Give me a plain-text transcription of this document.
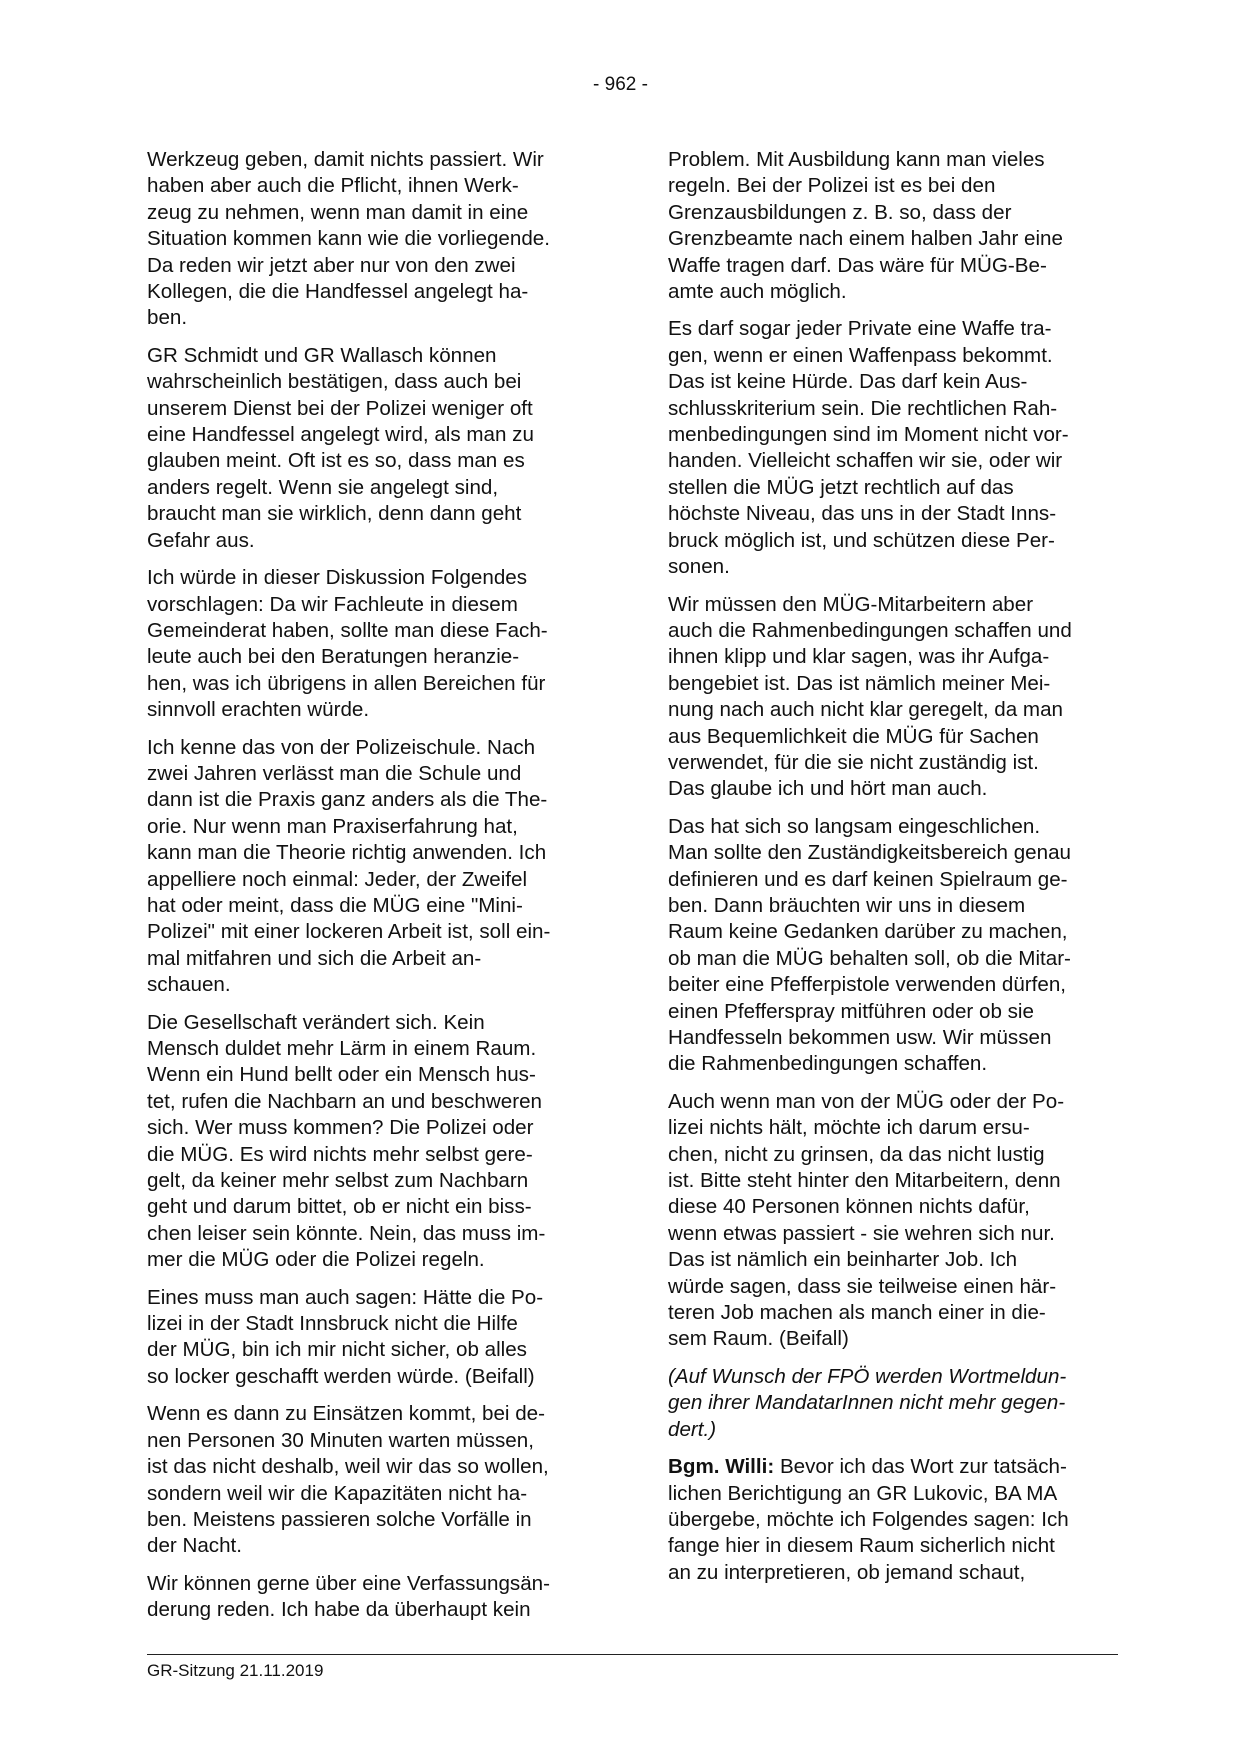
- 962 -

Werkzeug geben, damit nichts passiert. Wir
haben aber auch die Pflicht, ihnen Werk-
zeug zu nehmen, wenn man damit in eine
Situation kommen kann wie die vorliegende.
Da reden wir jetzt aber nur von den zwei
Kollegen, die die Handfessel angelegt ha-
ben.

GR Schmidt und GR Wallasch können
wahrscheinlich bestätigen, dass auch bei
unserem Dienst bei der Polizei weniger oft
eine Handfessel angelegt wird, als man zu
glauben meint. Oft ist es so, dass man es
anders regelt. Wenn sie angelegt sind,
braucht man sie wirklich, denn dann geht
Gefahr aus.

Ich würde in dieser Diskussion Folgendes
vorschlagen: Da wir Fachleute in diesem
Gemeinderat haben, sollte man diese Fach-
leute auch bei den Beratungen heranzie-
hen, was ich übrigens in allen Bereichen für
sinnvoll erachten würde.

Ich kenne das von der Polizeischule. Nach
zwei Jahren verlässt man die Schule und
dann ist die Praxis ganz anders als die The-
orie. Nur wenn man Praxiserfahrung hat,
kann man die Theorie richtig anwenden. Ich
appelliere noch einmal: Jeder, der Zweifel
hat oder meint, dass die MÜG eine "Mini-
Polizei" mit einer lockeren Arbeit ist, soll ein-
mal mitfahren und sich die Arbeit an-
schauen.

Die Gesellschaft verändert sich. Kein
Mensch duldet mehr Lärm in einem Raum.
Wenn ein Hund bellt oder ein Mensch hus-
tet, rufen die Nachbarn an und beschweren
sich. Wer muss kommen? Die Polizei oder
die MÜG. Es wird nichts mehr selbst gere-
gelt, da keiner mehr selbst zum Nachbarn
geht und darum bittet, ob er nicht ein biss-
chen leiser sein könnte. Nein, das muss im-
mer die MÜG oder die Polizei regeln.

Eines muss man auch sagen: Hätte die Po-
lizei in der Stadt Innsbruck nicht die Hilfe
der MÜG, bin ich mir nicht sicher, ob alles
so locker geschafft werden würde. (Beifall)

Wenn es dann zu Einsätzen kommt, bei de-
nen Personen 30 Minuten warten müssen,
ist das nicht deshalb, weil wir das so wollen,
sondern weil wir die Kapazitäten nicht ha-
ben. Meistens passieren solche Vorfälle in
der Nacht.

Wir können gerne über eine Verfassungsän-
derung reden. Ich habe da überhaupt kein

Problem. Mit Ausbildung kann man vieles
regeln. Bei der Polizei ist es bei den
Grenzausbildungen z. B. so, dass der
Grenzbeamte nach einem halben Jahr eine
Waffe tragen darf. Das wäre für MÜG-Be-
amte auch möglich.

Es darf sogar jeder Private eine Waffe tra-
gen, wenn er einen Waffenpass bekommt.
Das ist keine Hürde. Das darf kein Aus-
schlusskriterium sein. Die rechtlichen Rah-
menbedingungen sind im Moment nicht vor-
handen. Vielleicht schaffen wir sie, oder wir
stellen die MÜG jetzt rechtlich auf das
höchste Niveau, das uns in der Stadt Inns-
bruck möglich ist, und schützen diese Per-
sonen.

Wir müssen den MÜG-Mitarbeitern aber
auch die Rahmenbedingungen schaffen und
ihnen klipp und klar sagen, was ihr Aufga-
bengebiet ist. Das ist nämlich meiner Mei-
nung nach auch nicht klar geregelt, da man
aus Bequemlichkeit die MÜG für Sachen
verwendet, für die sie nicht zuständig ist.
Das glaube ich und hört man auch.

Das hat sich so langsam eingeschlichen.
Man sollte den Zuständigkeitsbereich genau
definieren und es darf keinen Spielraum ge-
ben. Dann bräuchten wir uns in diesem
Raum keine Gedanken darüber zu machen,
ob man die MÜG behalten soll, ob die Mitar-
beiter eine Pfefferpistole verwenden dürfen,
einen Pfefferspray mitführen oder ob sie
Handfesseln bekommen usw. Wir müssen
die Rahmenbedingungen schaffen.

Auch wenn man von der MÜG oder der Po-
lizei nichts hält, möchte ich darum ersu-
chen, nicht zu grinsen, da das nicht lustig
ist. Bitte steht hinter den Mitarbeitern, denn
diese 40 Personen können nichts dafür,
wenn etwas passiert - sie wehren sich nur.
Das ist nämlich ein beinharter Job. Ich
würde sagen, dass sie teilweise einen här-
teren Job machen als manch einer in die-
sem Raum. (Beifall)

(Auf Wunsch der FPÖ werden Wortmeldun-
gen ihrer MandatarInnen nicht mehr gegen-
dert.)

Bgm. Willi: Bevor ich das Wort zur tatsäch-
lichen Berichtigung an GR Lukovic, BA MA
übergebe, möchte ich Folgendes sagen: Ich
fange hier in diesem Raum sicherlich nicht
an zu interpretieren, ob jemand schaut,

GR-Sitzung 21.11.2019
